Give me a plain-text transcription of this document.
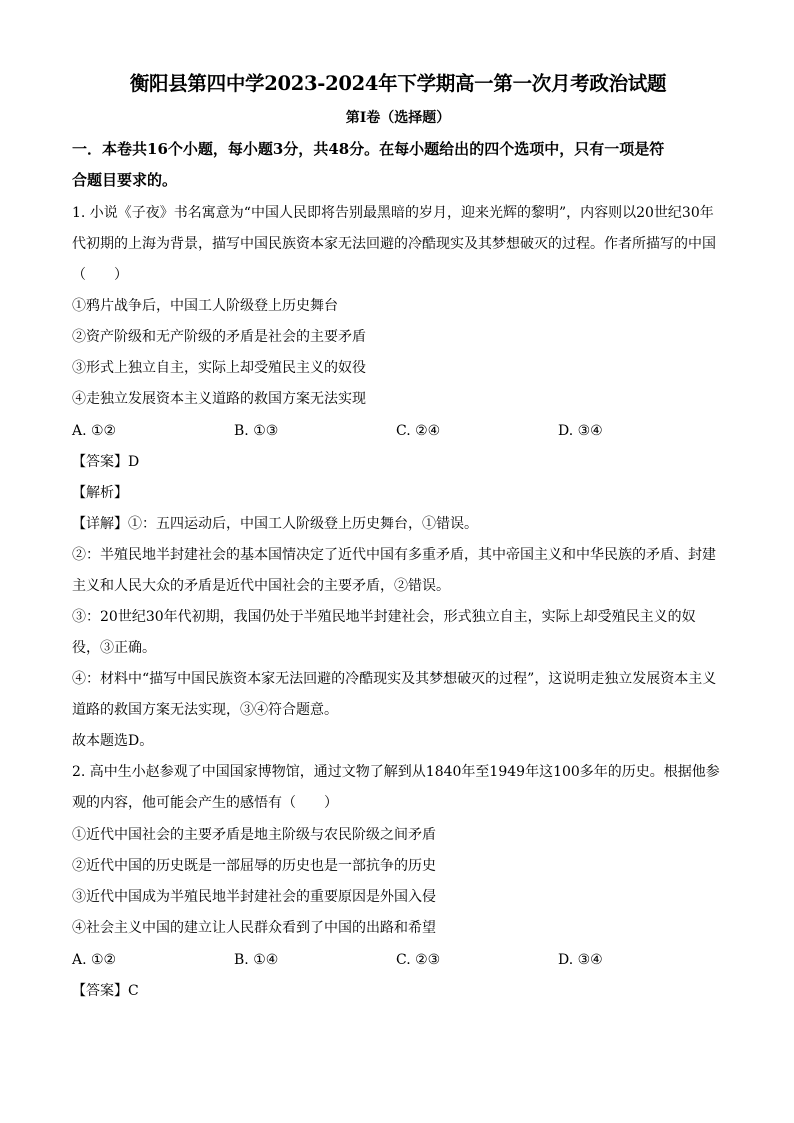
衡阳县第四中学2023-2024年下学期高一第一次月考政治试题
第Ⅰ卷（选择题）
一．本卷共16个小题，每小题3分，共48分。在每小题给出的四个选项中，只有一项是符
合题目要求的。
1. 小说《子夜》书名寓意为“中国人民即将告别最黑暗的岁月，迎来光辉的黎明”，内容则以20世纪30年
代初期的上海为背景，描写中国民族资本家无法回避的冷酷现实及其梦想破灭的过程。作者所描写的中国
（　　）
①鸦片战争后，中国工人阶级登上历史舞台
②资产阶级和无产阶级的矛盾是社会的主要矛盾
③形式上独立自主，实际上却受殖民主义的奴役
④走独立发展资本主义道路的救国方案无法实现
A. ①②	B. ①③	C. ②④	D. ③④
【答案】D
【解析】
【详解】①：五四运动后，中国工人阶级登上历史舞台，①错误。
②：半殖民地半封建社会的基本国情决定了近代中国有多重矛盾，其中帝国主义和中华民族的矛盾、封建
主义和人民大众的矛盾是近代中国社会的主要矛盾，②错误。
③：20世纪30年代初期，我国仍处于半殖民地半封建社会，形式独立自主，实际上却受殖民主义的奴
役，③正确。
④：材料中“描写中国民族资本家无法回避的冷酷现实及其梦想破灭的过程”，这说明走独立发展资本主义
道路的救国方案无法实现，③④符合题意。
故本题选D。
2. 高中生小赵参观了中国国家博物馆，通过文物了解到从1840年至1949年这100多年的历史。根据他参
观的内容，他可能会产生的感悟有（　　）
①近代中国社会的主要矛盾是地主阶级与农民阶级之间矛盾
②近代中国的历史既是一部屈辱的历史也是一部抗争的历史
③近代中国成为半殖民地半封建社会的重要原因是外国入侵
④社会主义中国的建立让人民群众看到了中国的出路和希望
A. ①②	B. ①④	C. ②③	D. ③④
【答案】C
